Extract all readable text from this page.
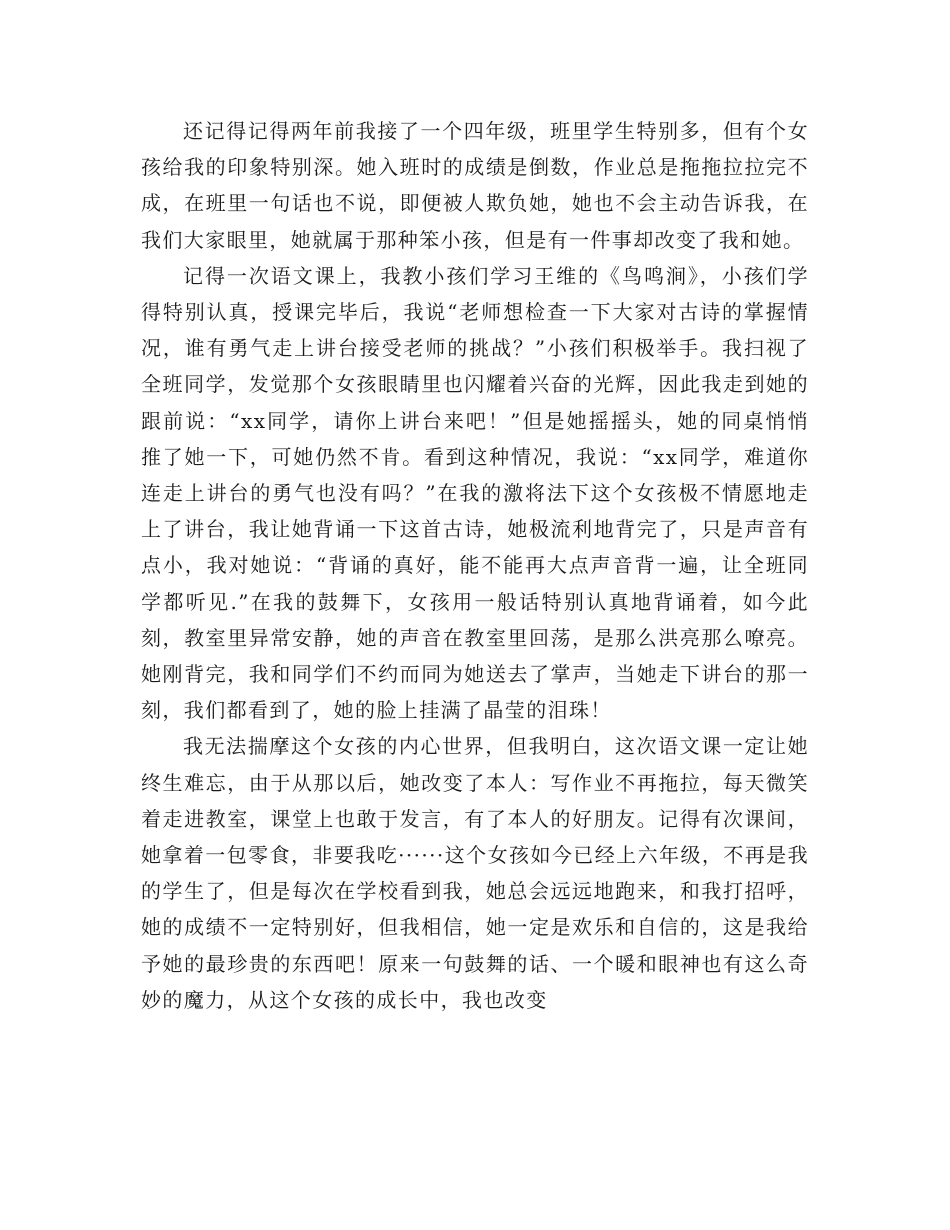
还记得记得两年前我接了一个四年级，班里学生特别多，但有个女孩给我的印象特别深。她入班时的成绩是倒数，作业总是拖拖拉拉完不成，在班里一句话也不说，即便被人欺负她，她也不会主动告诉我，在我们大家眼里，她就属于那种笨小孩，但是有一件事却改变了我和她。

记得一次语文课上，我教小孩们学习王维的《鸟鸣涧》，小孩们学得特别认真，授课完毕后，我说“老师想检查一下大家对古诗的掌握情况，谁有勇气走上讲台接受老师的挑战？”小孩们积极举手。我扫视了全班同学，发觉那个女孩眼睛里也闪耀着兴奋的光辉，因此我走到她的跟前说：“xx同学，请你上讲台来吧！”但是她摇摇头，她的同桌悄悄推了她一下，可她仍然不肯。看到这种情况，我说：“xx同学，难道你连走上讲台的勇气也没有吗？”在我的激将法下这个女孩极不情愿地走上了讲台，我让她背诵一下这首古诗，她极流利地背完了，只是声音有点小，我对她说：“背诵的真好，能不能再大点声音背一遍，让全班同学都听见.”在我的鼓舞下，女孩用一般话特别认真地背诵着，如今此刻，教室里异常安静，她的声音在教室里回荡，是那么洪亮那么嘹亮。她刚背完，我和同学们不约而同为她送去了掌声，当她走下讲台的那一刻，我们都看到了，她的脸上挂满了晶莹的泪珠！

我无法揣摩这个女孩的内心世界，但我明白，这次语文课一定让她终生难忘，由于从那以后，她改变了本人：写作业不再拖拉，每天微笑着走进教室，课堂上也敢于发言，有了本人的好朋友。记得有次课间，她拿着一包零食，非要我吃······这个女孩如今已经上六年级，不再是我的学生了，但是每次在学校看到我，她总会远远地跑来，和我打招呼，她的成绩不一定特别好，但我相信，她一定是欢乐和自信的，这是我给予她的最珍贵的东西吧！原来一句鼓舞的话、一个暖和眼神也有这么奇妙的魔力，从这个女孩的成长中，我也改变
